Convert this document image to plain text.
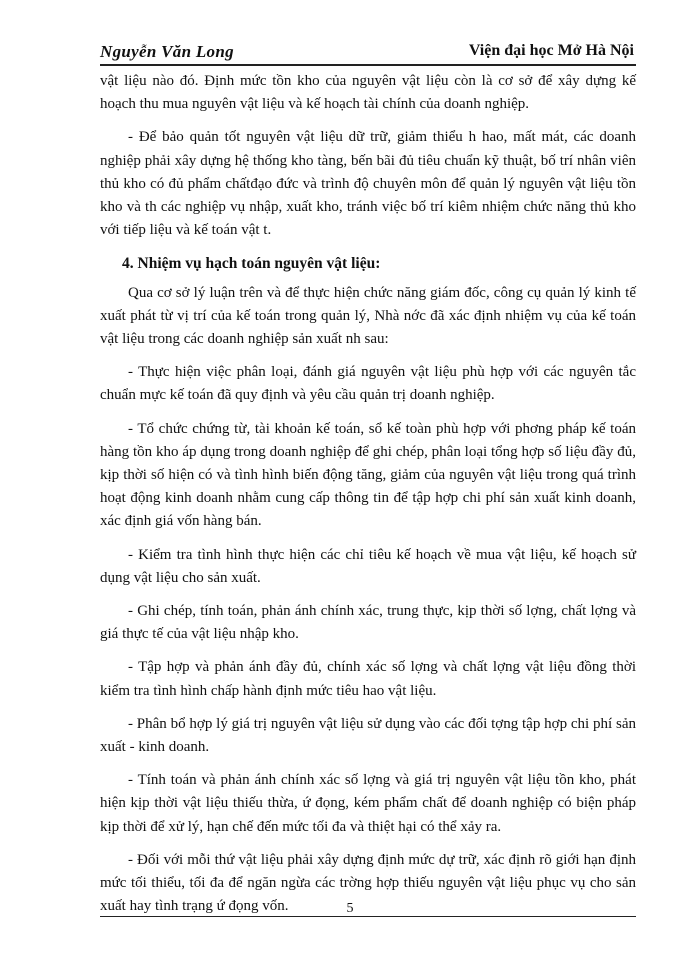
Nguyễn Văn Long	Viện đại học Mở Hà Nội

vật liệu nào đó. Định mức tồn kho của nguyên vật liệu còn là cơ sở để xây dựng kế hoạch thu mua nguyên vật liệu và kế hoạch tài chính của doanh nghiệp.

- Để bảo quản tốt nguyên vật liệu dữ trữ, giảm thiểu h hao, mất mát, các doanh nghiệp phải xây dựng hệ thống kho tàng, bến bãi đủ tiêu chuẩn kỹ thuật, bố trí nhân viên thủ kho có đủ phẩm chấtđạo đức và trình độ chuyên môn để quản lý nguyên vật liệu tồn kho và th các nghiệp vụ nhập, xuất kho, tránh việc bố trí kiêm nhiệm chức năng thủ kho với tiếp liệu và kế toán vật t.

4. Nhiệm vụ hạch toán nguyên vật liệu:

Qua cơ sở lý luận trên và để thực hiện chức năng giám đốc, công cụ quản lý kinh tế xuất phát từ vị trí của kế toán trong quản lý, Nhà nớc đã xác định nhiệm vụ của kế toán vật liệu trong các doanh nghiệp sản xuất nh sau:

- Thực hiện việc phân loại, đánh giá nguyên vật liệu phù hợp với các nguyên tắc chuẩn mực kế toán đã quy định và yêu cầu quản trị doanh nghiệp.

- Tổ chức chứng từ, tài khoản kế toán, sổ kế toàn phù hợp với phơng pháp kế toán hàng tồn kho áp dụng trong doanh nghiệp để ghi chép, phân loại tổng hợp số liệu đầy đủ, kịp thời số hiện có và tình hình biến động tăng, giảm của nguyên vật liệu trong quá trình hoạt động kinh doanh nhằm cung cấp thông tin để tập hợp chi phí sản xuất kinh doanh, xác định giá vốn hàng bán.

- Kiểm tra tình hình thực hiện các chỉ tiêu kế hoạch về mua vật liệu, kế hoạch sử dụng vật liệu cho sản xuất.

- Ghi chép, tính toán, phản ánh chính xác, trung thực, kịp thời số lợng, chất lợng và giá thực tế của vật liệu nhập kho.

- Tập hợp và phản ánh đầy đủ, chính xác số lợng và chất lợng vật liệu đồng thời kiểm tra tình hình chấp hành định mức tiêu hao vật liệu.

- Phân bổ hợp lý giá trị nguyên vật liệu sử dụng vào các đối tợng tập hợp chi phí sản xuất - kinh doanh.

- Tính toán và phản ánh chính xác số lợng và giá trị nguyên vật liệu tồn kho, phát hiện kịp thời vật liệu thiếu thừa, ứ đọng, kém phẩm chất để doanh nghiệp có biện pháp kịp thời để xử lý, hạn chế đến mức tối đa và thiệt hại có thể xảy ra.

- Đối với mỗi thứ vật liệu phải xây dựng định mức dự trữ, xác định rõ giới hạn định mức tối thiểu, tối đa để ngăn ngừa các trờng hợp thiếu nguyên vật liệu phục vụ cho sản xuất hay tình trạng ứ đọng vốn.	5
